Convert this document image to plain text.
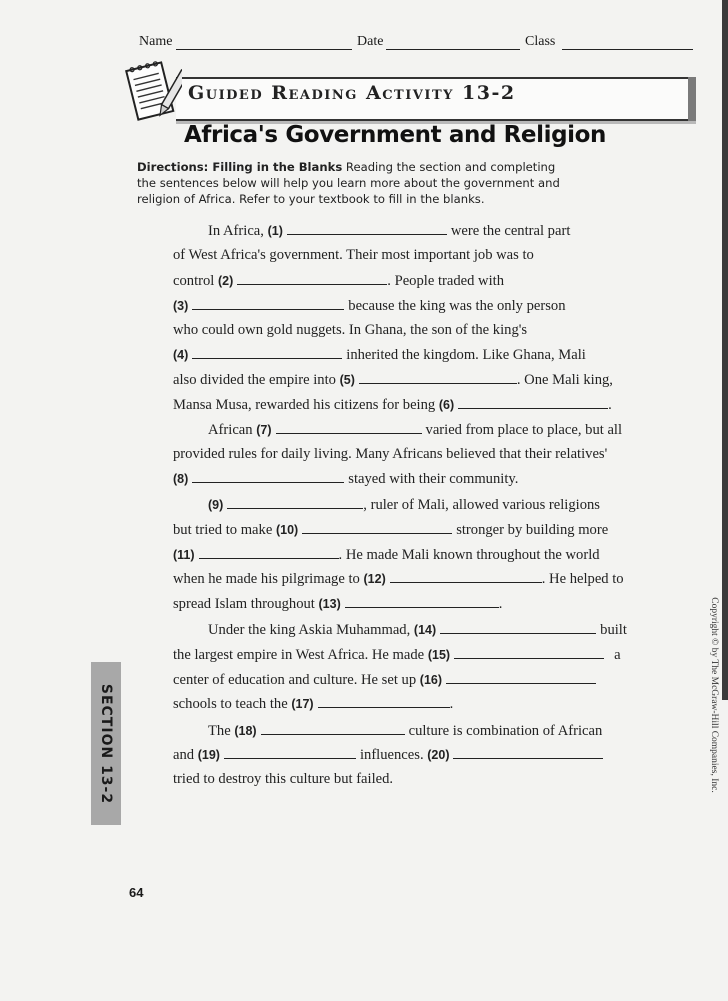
Name	Date	Class
Guided Reading Activity 13-2
Africa's Government and Religion
Directions: Filling in the Blanks Reading the section and completing
the sentences below will help you learn more about the government and
religion of Africa. Refer to your textbook to fill in the blanks.
In Africa, (1)	were the central part
of West Africa's government. Their most important job was to
control (2)	. People traded with
(3)	because the king was the only person
who could own gold nuggets. In Ghana, the son of the king's
(4)	inherited the kingdom. Like Ghana, Mali
also divided the empire into (5)	. One Mali king,
Mansa Musa, rewarded his citizens for being (6)	.
African (7)	varied from place to place, but all
provided rules for daily living. Many Africans believed that their relatives'
(8)	stayed with their community.
(9)	, ruler of Mali, allowed various religions
but tried to make (10)	stronger by building more
(11)	. He made Mali known throughout the world
when he made his pilgrimage to (12)	. He helped to
spread Islam throughout (13)	.
Under the king Askia Muhammad, (14)	built
the largest empire in West Africa. He made (15)	a
center of education and culture. He set up (16)
schools to teach the (17)	.
The (18)	culture is combination of African
and (19)	influences. (20)
tried to destroy this culture but failed.
SECTION 13-2	Copyright © by The McGraw-Hill Companies, Inc.
64
